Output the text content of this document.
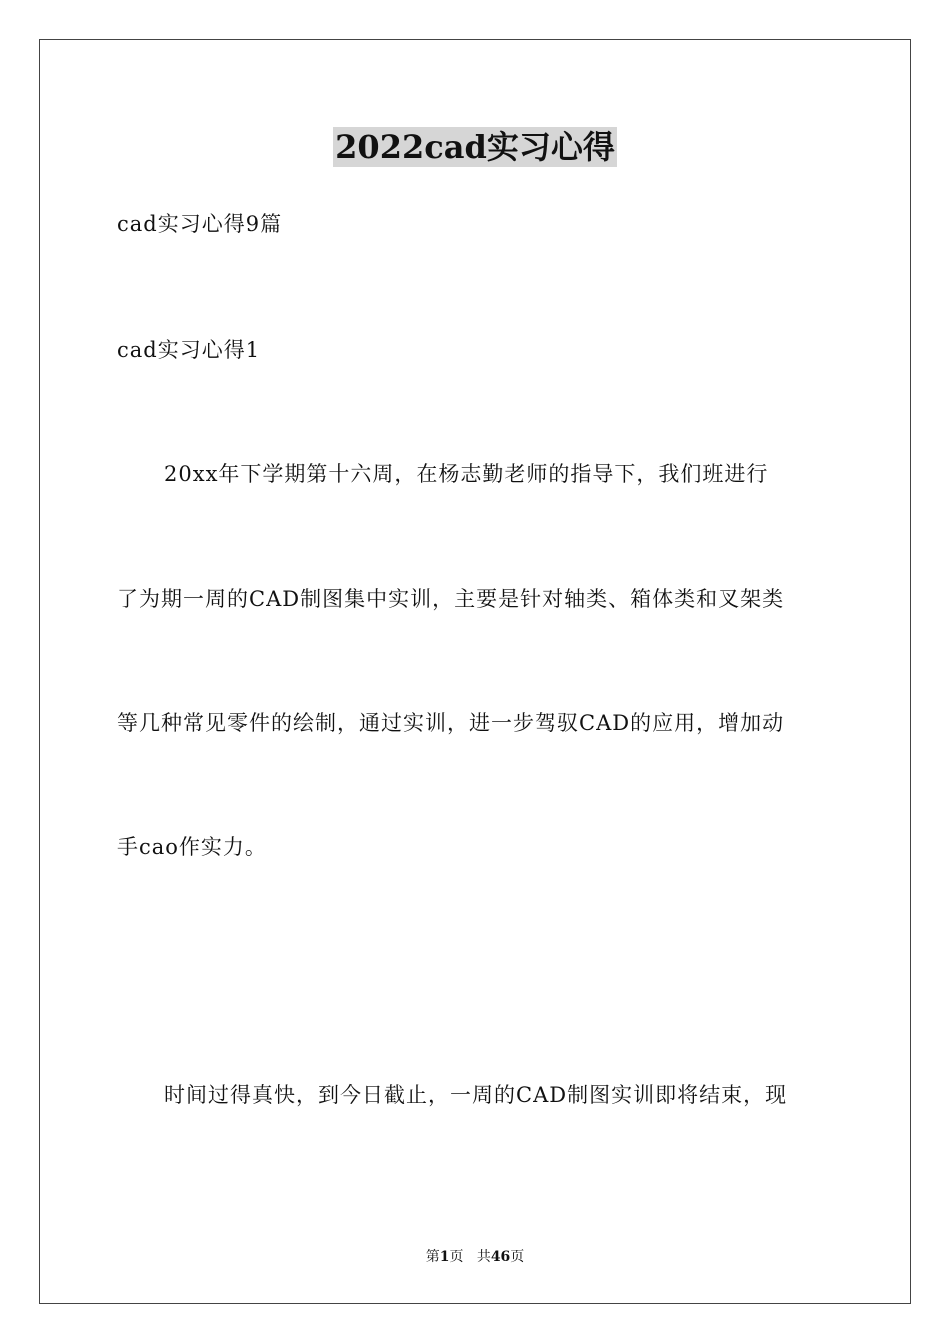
2022cad实习心得
cad实习心得9篇
cad实习心得1
20xx年下学期第十六周，在杨志勤老师的指导下，我们班进行
了为期一周的CAD制图集中实训，主要是针对轴类、箱体类和叉架类
等几种常见零件的绘制，通过实训，进一步驾驭CAD的应用，增加动
手cao作实力。
时间过得真快，到今日截止，一周的CAD制图实训即将结束，现
第1页 共46页
